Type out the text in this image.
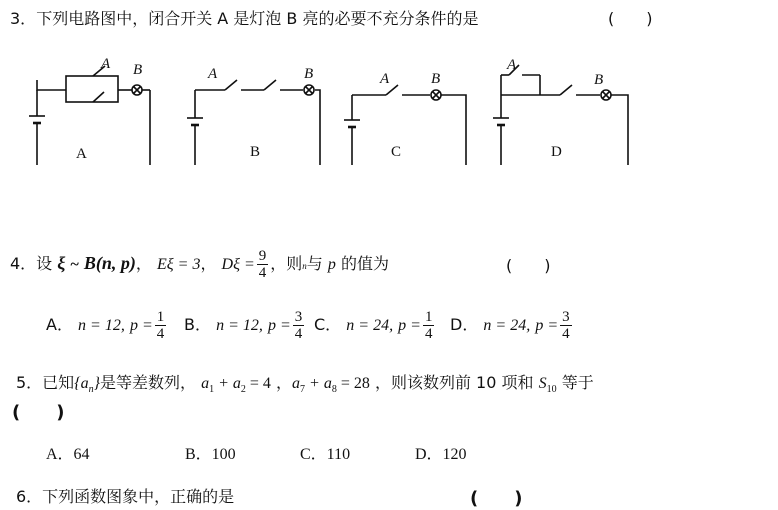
3．下列电路图中，闭合开关 A 是灯泡 B 亮的必要不充分条件的是	(　　)
A B	A	B	A	B
A
B
A	B	C	D
4．设 ξ ~ B(n, p)， Eξ = 3， $D\xi = \frac{9}{4}$ ，则n与 p 的值为	(　　)
A． n = 12, $p = \frac{1}{4}$ B． n = 12, $p = \frac{3}{4}$ C． n = 24, $p = \frac{1}{4}$ D． n = 24, $p = \frac{3}{4}$
5．已知$\{a_n\}$是等差数列， $a_1 + a_2 = 4$ ，$a_7 + a_8 = 28$ ，则该数列前 10 项和 $S_{10}$ 等于
(　　)
A．64	B．100	C．110	D．120
6．下列函数图象中，正确的是	(　　)
